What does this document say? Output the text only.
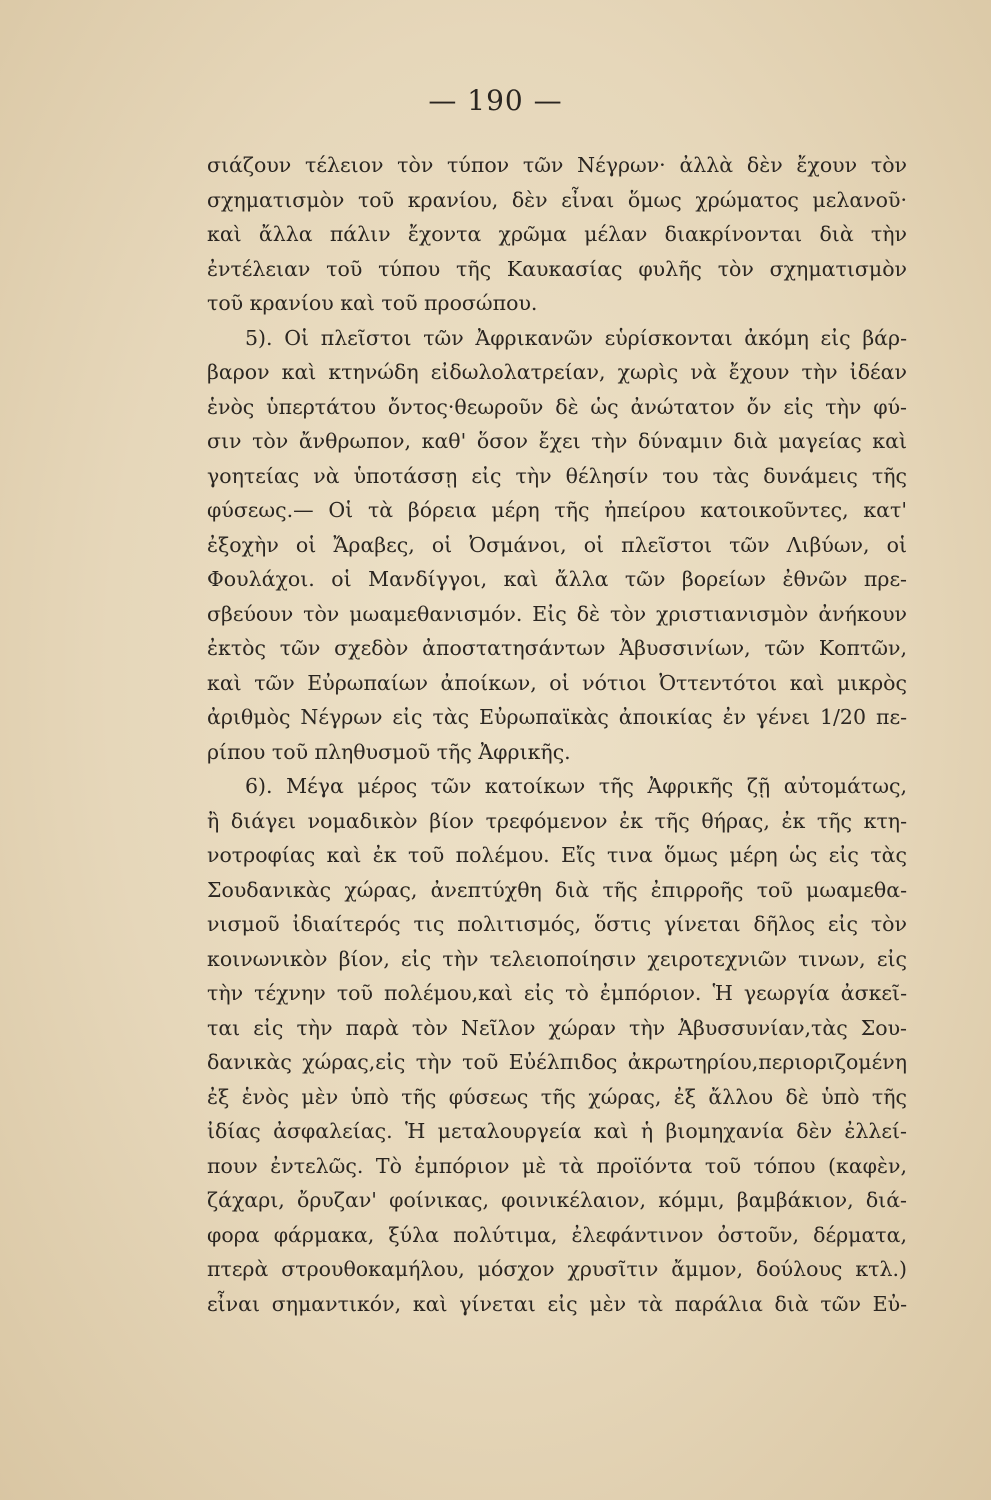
— 190 —
σιάζουν τέλειον τὸν τύπον τῶν Νέγρων· ἀλλὰ δὲν ἔχουν τὸν
σχηματισμὸν τοῦ κρανίου, δὲν εἶναι ὅμως χρώματος μελανοῦ·
καὶ ἄλλα πάλιν ἔχοντα χρῶμα μέλαν διακρίνονται διὰ τὴν
ἐντέλειαν τοῦ τύπου τῆς Καυκασίας φυλῆς τὸν σχηματισμὸν
τοῦ κρανίου καὶ τοῦ προσώπου.
5). Οἱ πλεῖστοι τῶν Ἀφρικανῶν εὑρίσκονται ἀκόμη εἰς βάρ-
βαρον καὶ κτηνώδη εἰδωλολατρείαν, χωρὶς νὰ ἔχουν τὴν ἰδέαν
ἑνὸς ὑπερτάτου ὄντος·θεωροῦν δὲ ὡς ἀνώτατον ὄν εἰς τὴν φύ-
σιν τὸν ἄνθρωπον, καθ' ὅσον ἔχει τὴν δύναμιν διὰ μαγείας καὶ
γοητείας νὰ ὑποτάσσῃ εἰς τὴν θέλησίν του τὰς δυνάμεις τῆς
φύσεως.— Οἱ τὰ βόρεια μέρη τῆς ἠπείρου κατοικοῦντες, κατ'
ἐξοχὴν οἱ Ἄραβες, οἱ Ὀσμάνοι, οἱ πλεῖστοι τῶν Λιβύων, οἱ
Φουλάχοι. οἱ Μανδίγγοι, καὶ ἄλλα τῶν βορείων ἐθνῶν πρε-
σβεύουν τὸν μωαμεθανισμόν. Εἰς δὲ τὸν χριστιανισμὸν ἀνήκουν
ἐκτὸς τῶν σχεδὸν ἀποστατησάντων Ἀβυσσινίων, τῶν Κοπτῶν,
καὶ τῶν Εὐρωπαίων ἀποίκων, οἱ νότιοι Ὀττεντότοι καὶ μικρὸς
ἀριθμὸς Νέγρων εἰς τὰς Εὐρωπαϊκὰς ἀποικίας ἐν γένει 1/20 πε-
ρίπου τοῦ πληθυσμοῦ τῆς Ἀφρικῆς.
6). Μέγα μέρος τῶν κατοίκων τῆς Ἀφρικῆς ζῇ αὐτομάτως,
ἢ διάγει νομαδικὸν βίον τρεφόμενον ἐκ τῆς θήρας, ἐκ τῆς κτη-
νοτροφίας καὶ ἐκ τοῦ πολέμου. Εἴς τινα ὅμως μέρη ὡς εἰς τὰς
Σουδανικὰς χώρας, ἀνεπτύχθη διὰ τῆς ἐπιρροῆς τοῦ μωαμεθα-
νισμοῦ ἰδιαίτερός τις πολιτισμός, ὅστις γίνεται δῆλος εἰς τὸν
κοινωνικὸν βίον, εἰς τὴν τελειοποίησιν χειροτεχνιῶν τινων, εἰς
τὴν τέχνην τοῦ πολέμου,καὶ εἰς τὸ ἐμπόριον. Ἡ γεωργία ἀσκεῖ-
ται εἰς τὴν παρὰ τὸν Νεῖλον χώραν τὴν Ἀβυσσυνίαν,τὰς Σου-
δανικὰς χώρας,εἰς τὴν τοῦ Εὐέλπιδος ἀκρωτηρίου,περιοριζομένη
ἐξ ἑνὸς μὲν ὑπὸ τῆς φύσεως τῆς χώρας, ἐξ ἄλλου δὲ ὑπὸ τῆς
ἰδίας ἀσφαλείας. Ἡ μεταλουργεία καὶ ἡ βιομηχανία δὲν ἐλλεί-
πουν ἐντελῶς. Τὸ ἐμπόριον μὲ τὰ προϊόντα τοῦ τόπου (καφὲν,
ζάχαρι, ὄρυζαν' φοίνικας, φοινικέλαιον, κόμμι, βαμβάκιον, διά-
φορα φάρμακα, ξύλα πολύτιμα, ἐλεφάντινον ὀστοῦν, δέρματα,
πτερὰ στρουθοκαμήλου, μόσχον χρυσῖτιν ἄμμον, δούλους κτλ.)
εἶναι σημαντικόν, καὶ γίνεται εἰς μὲν τὰ παράλια διὰ τῶν Εὐ-
